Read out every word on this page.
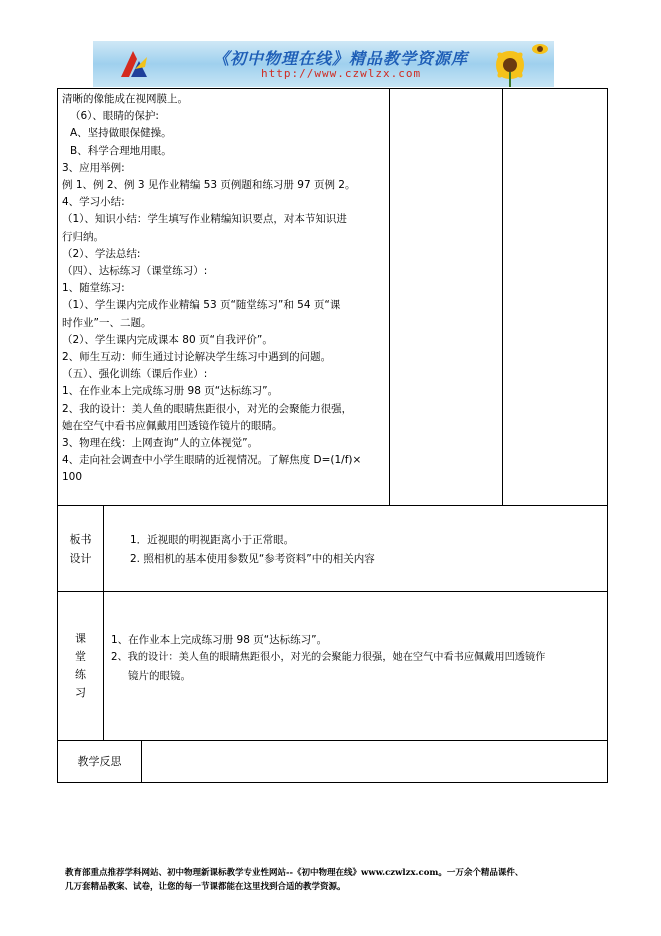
《初中物理在线》精品教学资源库
http://www.czwlzx.com
清晰的像能成在视网膜上。
（6）、眼睛的保护:
A、坚持做眼保健操。
B、科学合理地用眼。
3、应用举例:
例 1、例 2、例 3 见作业精编 53 页例题和练习册 97 页例 2。
4、学习小结:
（1）、知识小结：学生填写作业精编知识要点，对本节知识进
行归纳。
（2）、学法总结:
（四）、达标练习（课堂练习）:
1、随堂练习:
（1）、学生课内完成作业精编 53 页“随堂练习”和 54 页“课
时作业”一、二题。
（2）、学生课内完成课本 80 页“自我评价”。
2、师生互动：师生通过讨论解决学生练习中遇到的问题。
（五）、强化训练（课后作业）:
1、在作业本上完成练习册 98 页“达标练习”。
2、我的设计：美人鱼的眼睛焦距很小，对光的会聚能力很强，
她在空气中看书应佩戴用凹透镜作镜片的眼睛。
3、物理在线：上网查询“人的立体视觉”。
4、走向社会调查中小学生眼睛的近视情况。了解焦度 D=(1/f)×
100
板书
设计
1．近视眼的明视距离小于正常眼。
2. 照相机的基本使用参数见“参考资料”中的相关内容
课
堂
练
习
1、在作业本上完成练习册 98 页“达标练习”。
2、我的设计：美人鱼的眼睛焦距很小，对光的会聚能力很强，她在空气中看书应佩戴用凹透镜作
镜片的眼镜。
教学反思
教育部重点推荐学科网站、初中物理新课标教学专业性网站--《初中物理在线》www.czwlzx.com。一万余个精品课件、
几万套精品教案、试卷，让您的每一节课都能在这里找到合适的教学资源。
